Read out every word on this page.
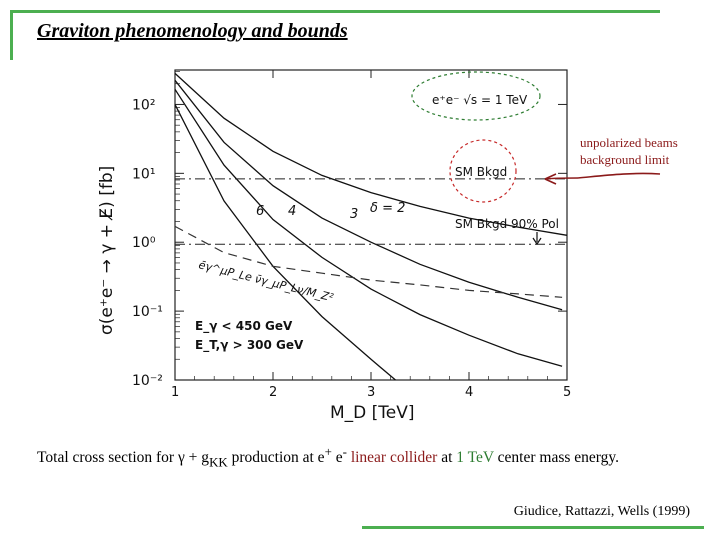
Graviton phenomenology and bounds
1	2	3	4	5
10²
10¹
10⁰
10⁻¹
10⁻²
M_D [TeV]
σ(e⁺e⁻ → γ + E̸) [fb]	SM Bkgd
SM Bkgd 90% Pol
δ = 2
3
4
6
ēγ^μP_Le ν̄γ_μP_Lν/M_Z²
E_γ < 450 GeV
E_T,γ > 300 GeV
e⁺e⁻ √s = 1 TeV
unpolarized beams
background limit
Total cross section for $\gamma + g_{KK}$ production at e+ e- linear collider at 1 TeV center mass energy.
Giudice, Rattazzi, Wells (1999)
